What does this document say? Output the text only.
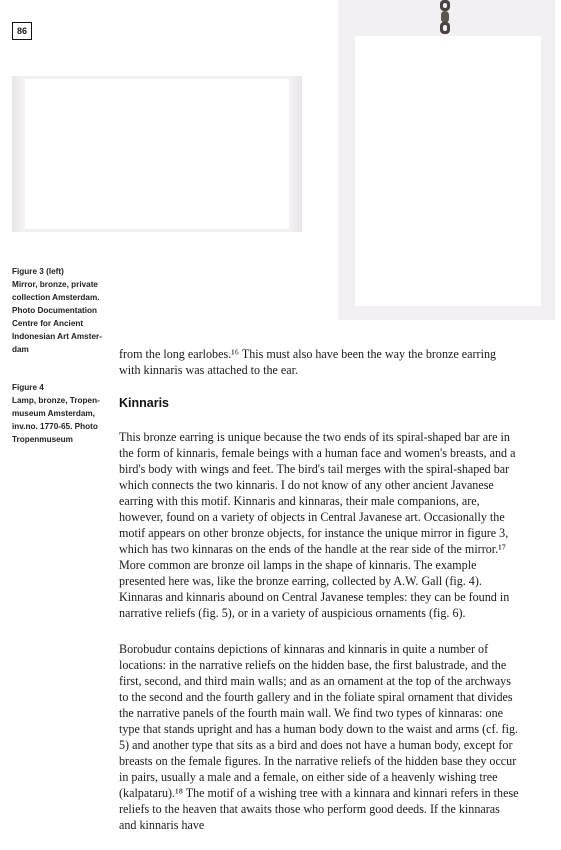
86
Figure 3 (left)
Mirror, bronze, private collection Amsterdam. Photo Documentation Centre for Ancient Indonesian Art Amster-dam
Figure 4
Lamp, bronze, Tropen-museum Amsterdam, inv.no. 1770-65. Photo Tropenmuseum

from the long earlobes.¹⁶ This must also have been the way the bronze earring with kinnaris was attached to the ear.

Kinnaris

This bronze earring is unique because the two ends of its spiral-shaped bar are in the form of kinnaris, female beings with a human face and women's breasts, and a bird's body with wings and feet. The bird's tail merges with the spiral-shaped bar which connects the two kinnaris. I do not know of any other ancient Javanese earring with this motif. Kinnaris and kinnaras, their male companions, are, however, found on a variety of objects in Central Javanese art. Occasionally the motif appears on other bronze objects, for instance the unique mirror in figure 3, which has two kinnaras on the ends of the handle at the rear side of the mirror.¹⁷ More common are bronze oil lamps in the shape of kinnaris. The example presented here was, like the bronze earring, collected by A.W. Gall (fig. 4). Kinnaras and kinnaris abound on Central Javanese temples: they can be found in narrative reliefs (fig. 5), or in a variety of auspicious ornaments (fig. 6).

Borobudur contains depictions of kinnaras and kinnaris in quite a number of locations: in the narrative reliefs on the hidden base, the first balustrade, and the first, second, and third main walls; and as an ornament at the top of the archways to the second and the fourth gallery and in the foliate spiral ornament that divides the narrative panels of the fourth main wall. We find two types of kinnaras: one type that stands upright and has a human body down to the waist and arms (cf. fig. 5) and another type that sits as a bird and does not have a human body, except for breasts on the female figures. In the narrative reliefs of the hidden base they occur in pairs, usually a male and a female, on either side of a heavenly wishing tree (kalpataru).¹⁸ The motif of a wishing tree with a kinnara and kinnari refers in these reliefs to the heaven that awaits those who perform good deeds. If the kinnaras and kinnaris have
